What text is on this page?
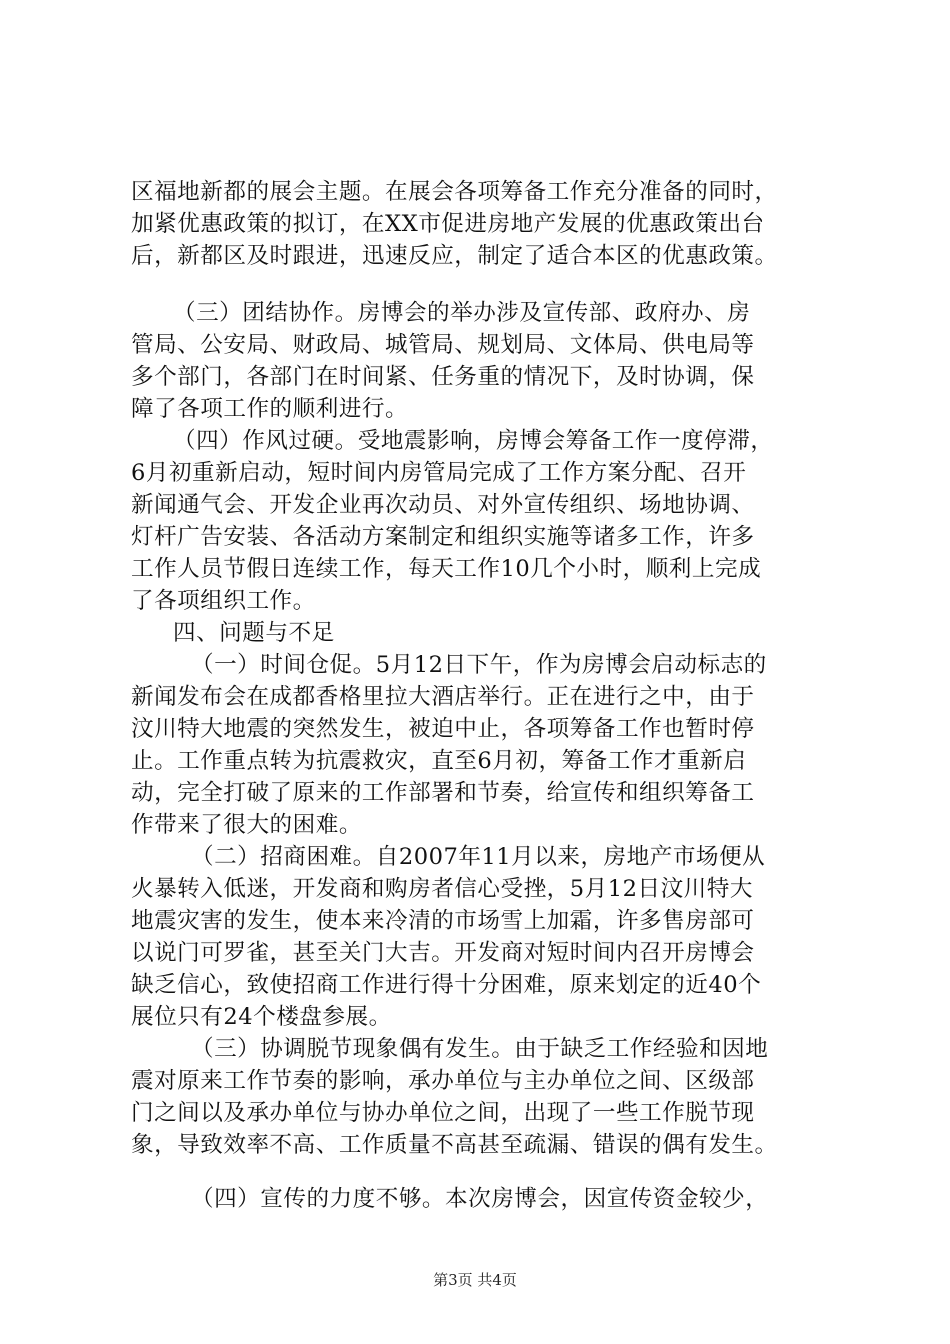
区福地新都的展会主题。在展会各项筹备工作充分准备的同时，
加紧优惠政策的拟订，在XX市促进房地产发展的优惠政策出台
后，新都区及时跟进，迅速反应，制定了适合本区的优惠政策。
（三）团结协作。房博会的举办涉及宣传部、政府办、房
管局、公安局、财政局、城管局、规划局、文体局、供电局等
多个部门，各部门在时间紧、任务重的情况下，及时协调，保
障了各项工作的顺利进行。
（四）作风过硬。受地震影响，房博会筹备工作一度停滞，
6月初重新启动，短时间内房管局完成了工作方案分配、召开
新闻通气会、开发企业再次动员、对外宣传组织、场地协调、
灯杆广告安装、各活动方案制定和组织实施等诸多工作，许多
工作人员节假日连续工作，每天工作10几个小时，顺利上完成
了各项组织工作。
四、问题与不足
（一）时间仓促。5月12日下午，作为房博会启动标志的
新闻发布会在成都香格里拉大酒店举行。正在进行之中，由于
汶川特大地震的突然发生，被迫中止，各项筹备工作也暂时停
止。工作重点转为抗震救灾，直至6月初，筹备工作才重新启
动，完全打破了原来的工作部署和节奏，给宣传和组织筹备工
作带来了很大的困难。
（二）招商困难。自2007年11月以来，房地产市场便从
火暴转入低迷，开发商和购房者信心受挫，5月12日汶川特大
地震灾害的发生，使本来冷清的市场雪上加霜，许多售房部可
以说门可罗雀，甚至关门大吉。开发商对短时间内召开房博会
缺乏信心，致使招商工作进行得十分困难，原来划定的近40个
展位只有24个楼盘参展。
（三）协调脱节现象偶有发生。由于缺乏工作经验和因地
震对原来工作节奏的影响，承办单位与主办单位之间、区级部
门之间以及承办单位与协办单位之间，出现了一些工作脱节现
象，导致效率不高、工作质量不高甚至疏漏、错误的偶有发生。
（四）宣传的力度不够。本次房博会，因宣传资金较少，
第3页 共4页
